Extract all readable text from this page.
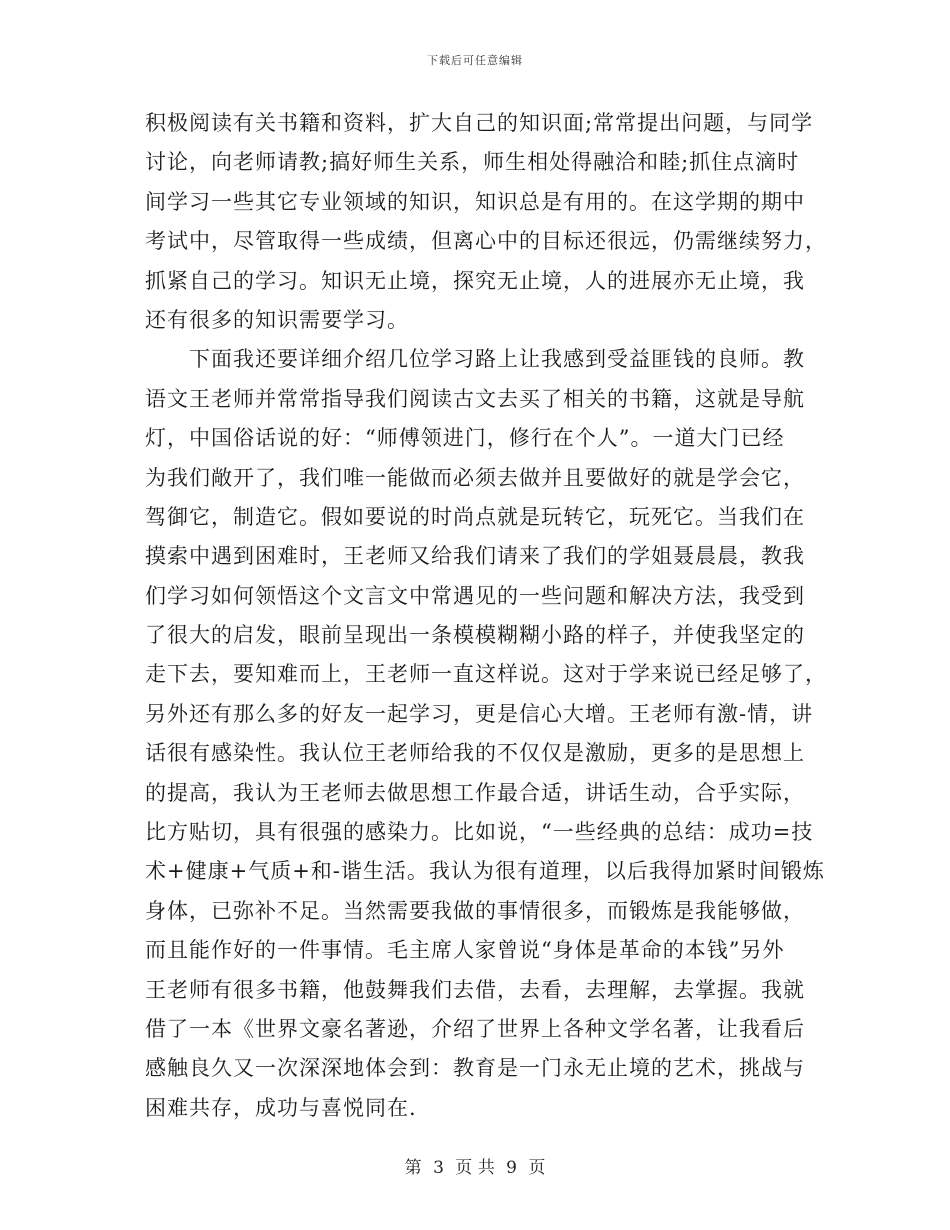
下载后可任意编辑
积极阅读有关书籍和资料，扩大自己的知识面;常常提出问题，与同学
讨论，向老师请教;搞好师生关系，师生相处得融洽和睦;抓住点滴时
间学习一些其它专业领域的知识，知识总是有用的。在这学期的期中
考试中，尽管取得一些成绩，但离心中的目标还很远，仍需继续努力，
抓紧自己的学习。知识无止境，探究无止境，人的进展亦无止境，我
还有很多的知识需要学习。
　　下面我还要详细介绍几位学习路上让我感到受益匪钱的良师。教
语文王老师并常常指导我们阅读古文去买了相关的书籍，这就是导航
灯，中国俗话说的好：“师傅领进门，修行在个人”。一道大门已经
为我们敞开了，我们唯一能做而必须去做并且要做好的就是学会它，
驾御它，制造它。假如要说的时尚点就是玩转它，玩死它。当我们在
摸索中遇到困难时，王老师又给我们请来了我们的学姐聂晨晨，教我
们学习如何领悟这个文言文中常遇见的一些问题和解决方法，我受到
了很大的启发，眼前呈现出一条模模糊糊小路的样子，并使我坚定的
走下去，要知难而上，王老师一直这样说。这对于学来说已经足够了，
另外还有那么多的好友一起学习，更是信心大增。王老师有激-情，讲
话很有感染性。我认位王老师给我的不仅仅是激励，更多的是思想上
的提高，我认为王老师去做思想工作最合适，讲话生动，合乎实际，
比方贴切，具有很强的感染力。比如说，“一些经典的总结：成功=技
术+健康+气质+和-谐生活。我认为很有道理，以后我得加紧时间锻炼
身体，已弥补不足。当然需要我做的事情很多，而锻炼是我能够做，
而且能作好的一件事情。毛主席人家曾说“身体是革命的本钱”另外
王老师有很多书籍，他鼓舞我们去借，去看，去理解，去掌握。我就
借了一本《世界文豪名著逊，介绍了世界上各种文学名著，让我看后
感触良久又一次深深地体会到：教育是一门永无止境的艺术，挑战与
困难共存，成功与喜悦同在.
第 3 页 共 9 页
